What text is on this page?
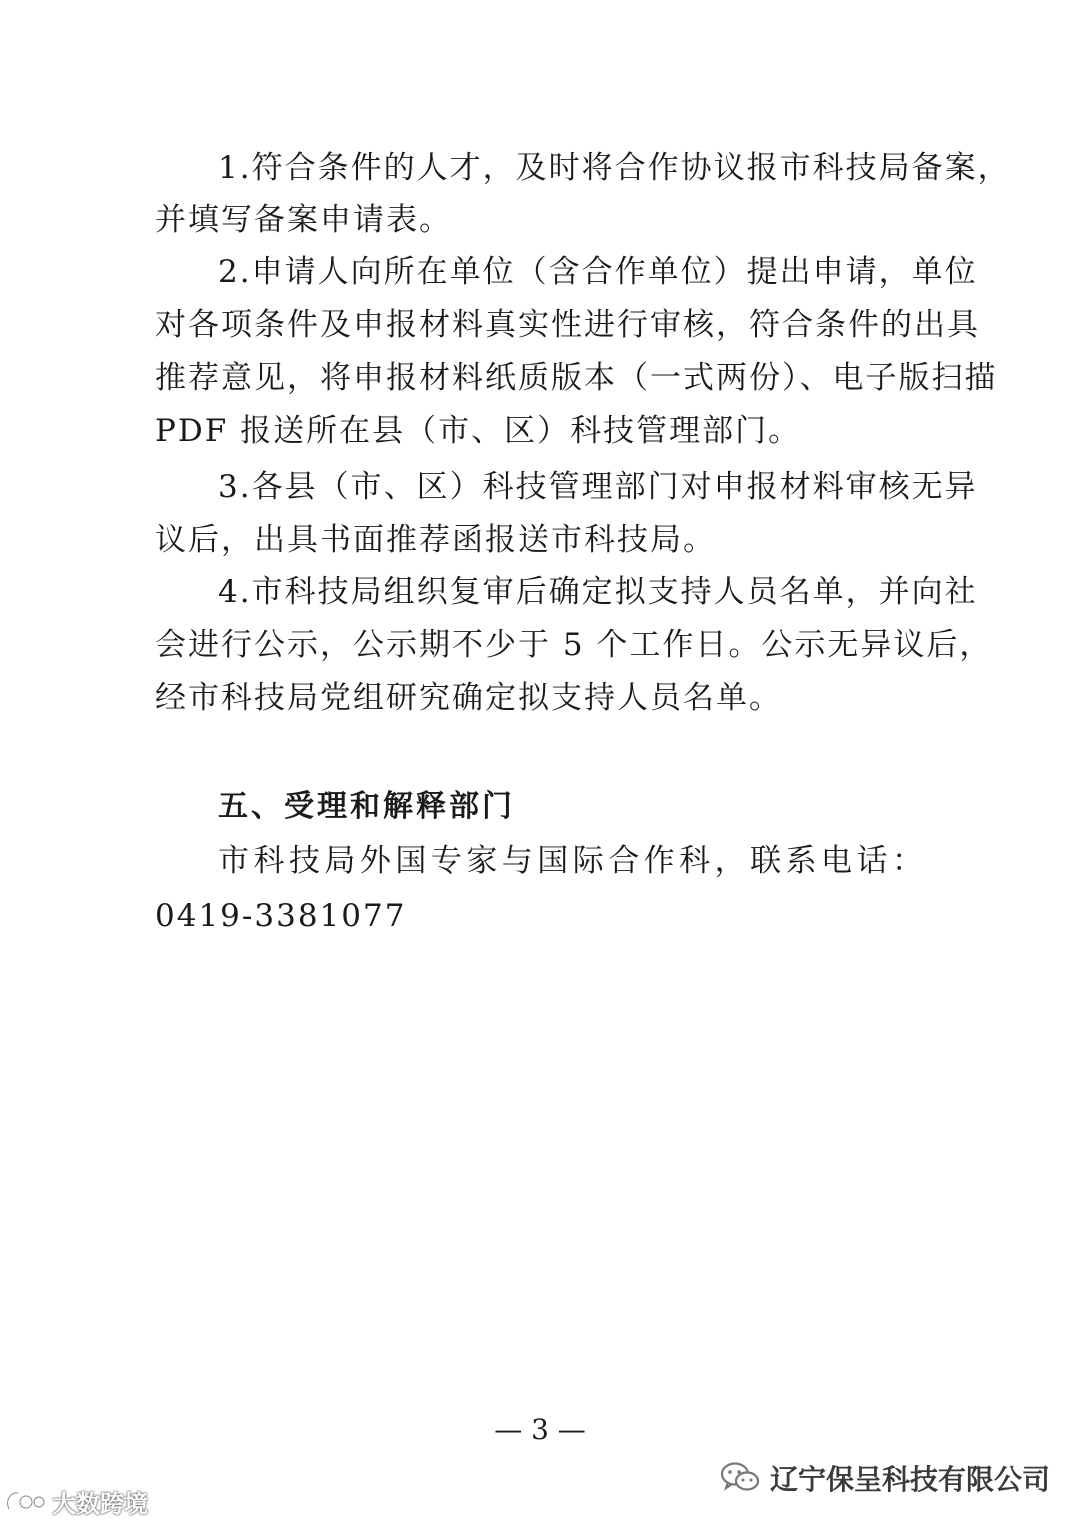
1.符合条件的人才，及时将合作协议报市科技局备案，
并填写备案申请表。
2.申请人向所在单位（含合作单位）提出申请，单位
对各项条件及申报材料真实性进行审核，符合条件的出具
推荐意见，将申报材料纸质版本（一式两份）、电子版扫描
PDF 报送所在县（市、区）科技管理部门。
3.各县（市、区）科技管理部门对申报材料审核无异
议后，出具书面推荐函报送市科技局。
4.市科技局组织复审后确定拟支持人员名单，并向社
会进行公示，公示期不少于 5 个工作日。公示无异议后，
经市科技局党组研究确定拟支持人员名单。
五、受理和解释部门
市科技局外国专家与国际合作科，联系电话：
0419-3381077
— 3 —
辽宁保呈科技有限公司
大数跨境
